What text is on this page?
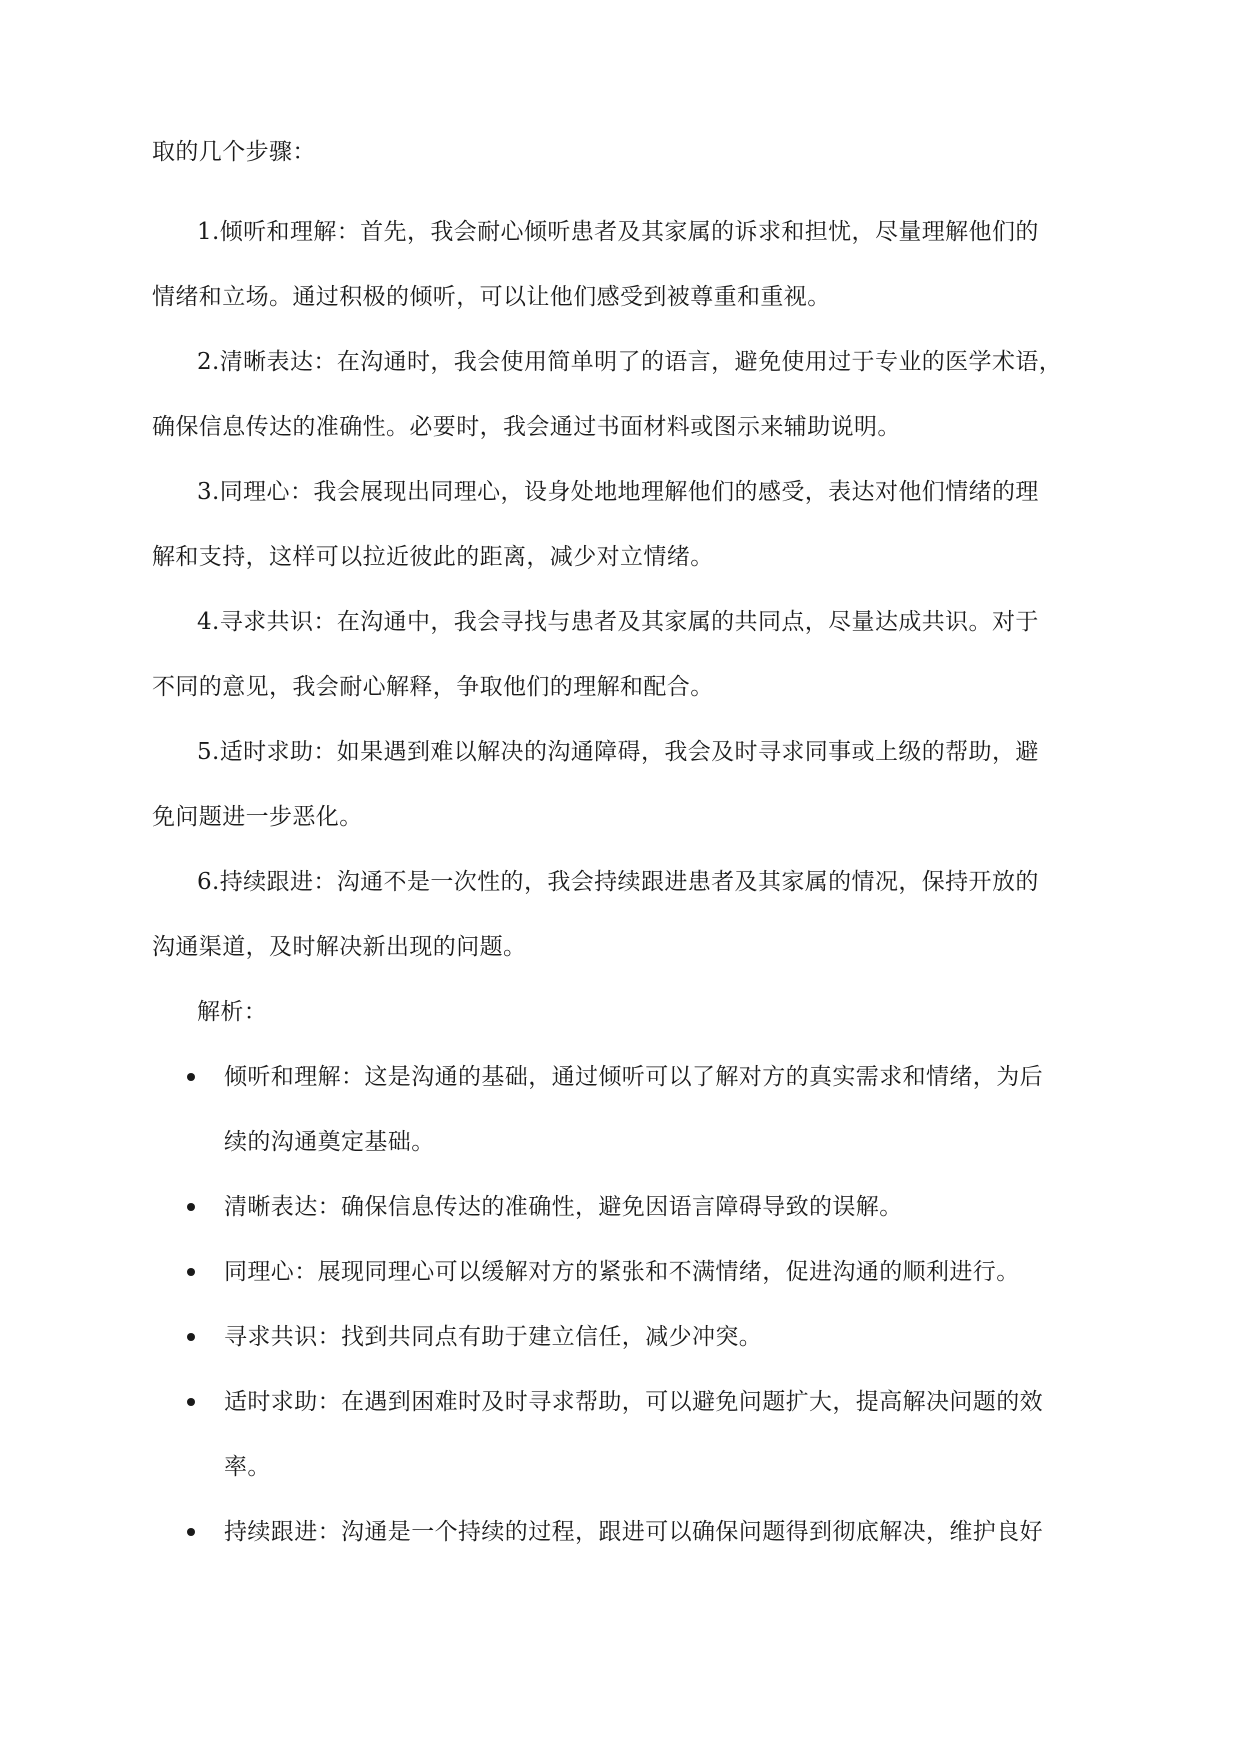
取的几个步骤：
1.倾听和理解：首先，我会耐心倾听患者及其家属的诉求和担忧，尽量理解他们的
情绪和立场。通过积极的倾听，可以让他们感受到被尊重和重视。
2.清晰表达：在沟通时，我会使用简单明了的语言，避免使用过于专业的医学术语，
确保信息传达的准确性。必要时，我会通过书面材料或图示来辅助说明。
3.同理心：我会展现出同理心，设身处地地理解他们的感受，表达对他们情绪的理
解和支持，这样可以拉近彼此的距离，减少对立情绪。
4.寻求共识：在沟通中，我会寻找与患者及其家属的共同点，尽量达成共识。对于
不同的意见，我会耐心解释，争取他们的理解和配合。
5.适时求助：如果遇到难以解决的沟通障碍，我会及时寻求同事或上级的帮助，避
免问题进一步恶化。
6.持续跟进：沟通不是一次性的，我会持续跟进患者及其家属的情况，保持开放的
沟通渠道，及时解决新出现的问题。
解析：
倾听和理解：这是沟通的基础，通过倾听可以了解对方的真实需求和情绪，为后
续的沟通奠定基础。
清晰表达：确保信息传达的准确性，避免因语言障碍导致的误解。
同理心：展现同理心可以缓解对方的紧张和不满情绪，促进沟通的顺利进行。
寻求共识：找到共同点有助于建立信任，减少冲突。
适时求助：在遇到困难时及时寻求帮助，可以避免问题扩大，提高解决问题的效
率。
持续跟进：沟通是一个持续的过程，跟进可以确保问题得到彻底解决，维护良好
